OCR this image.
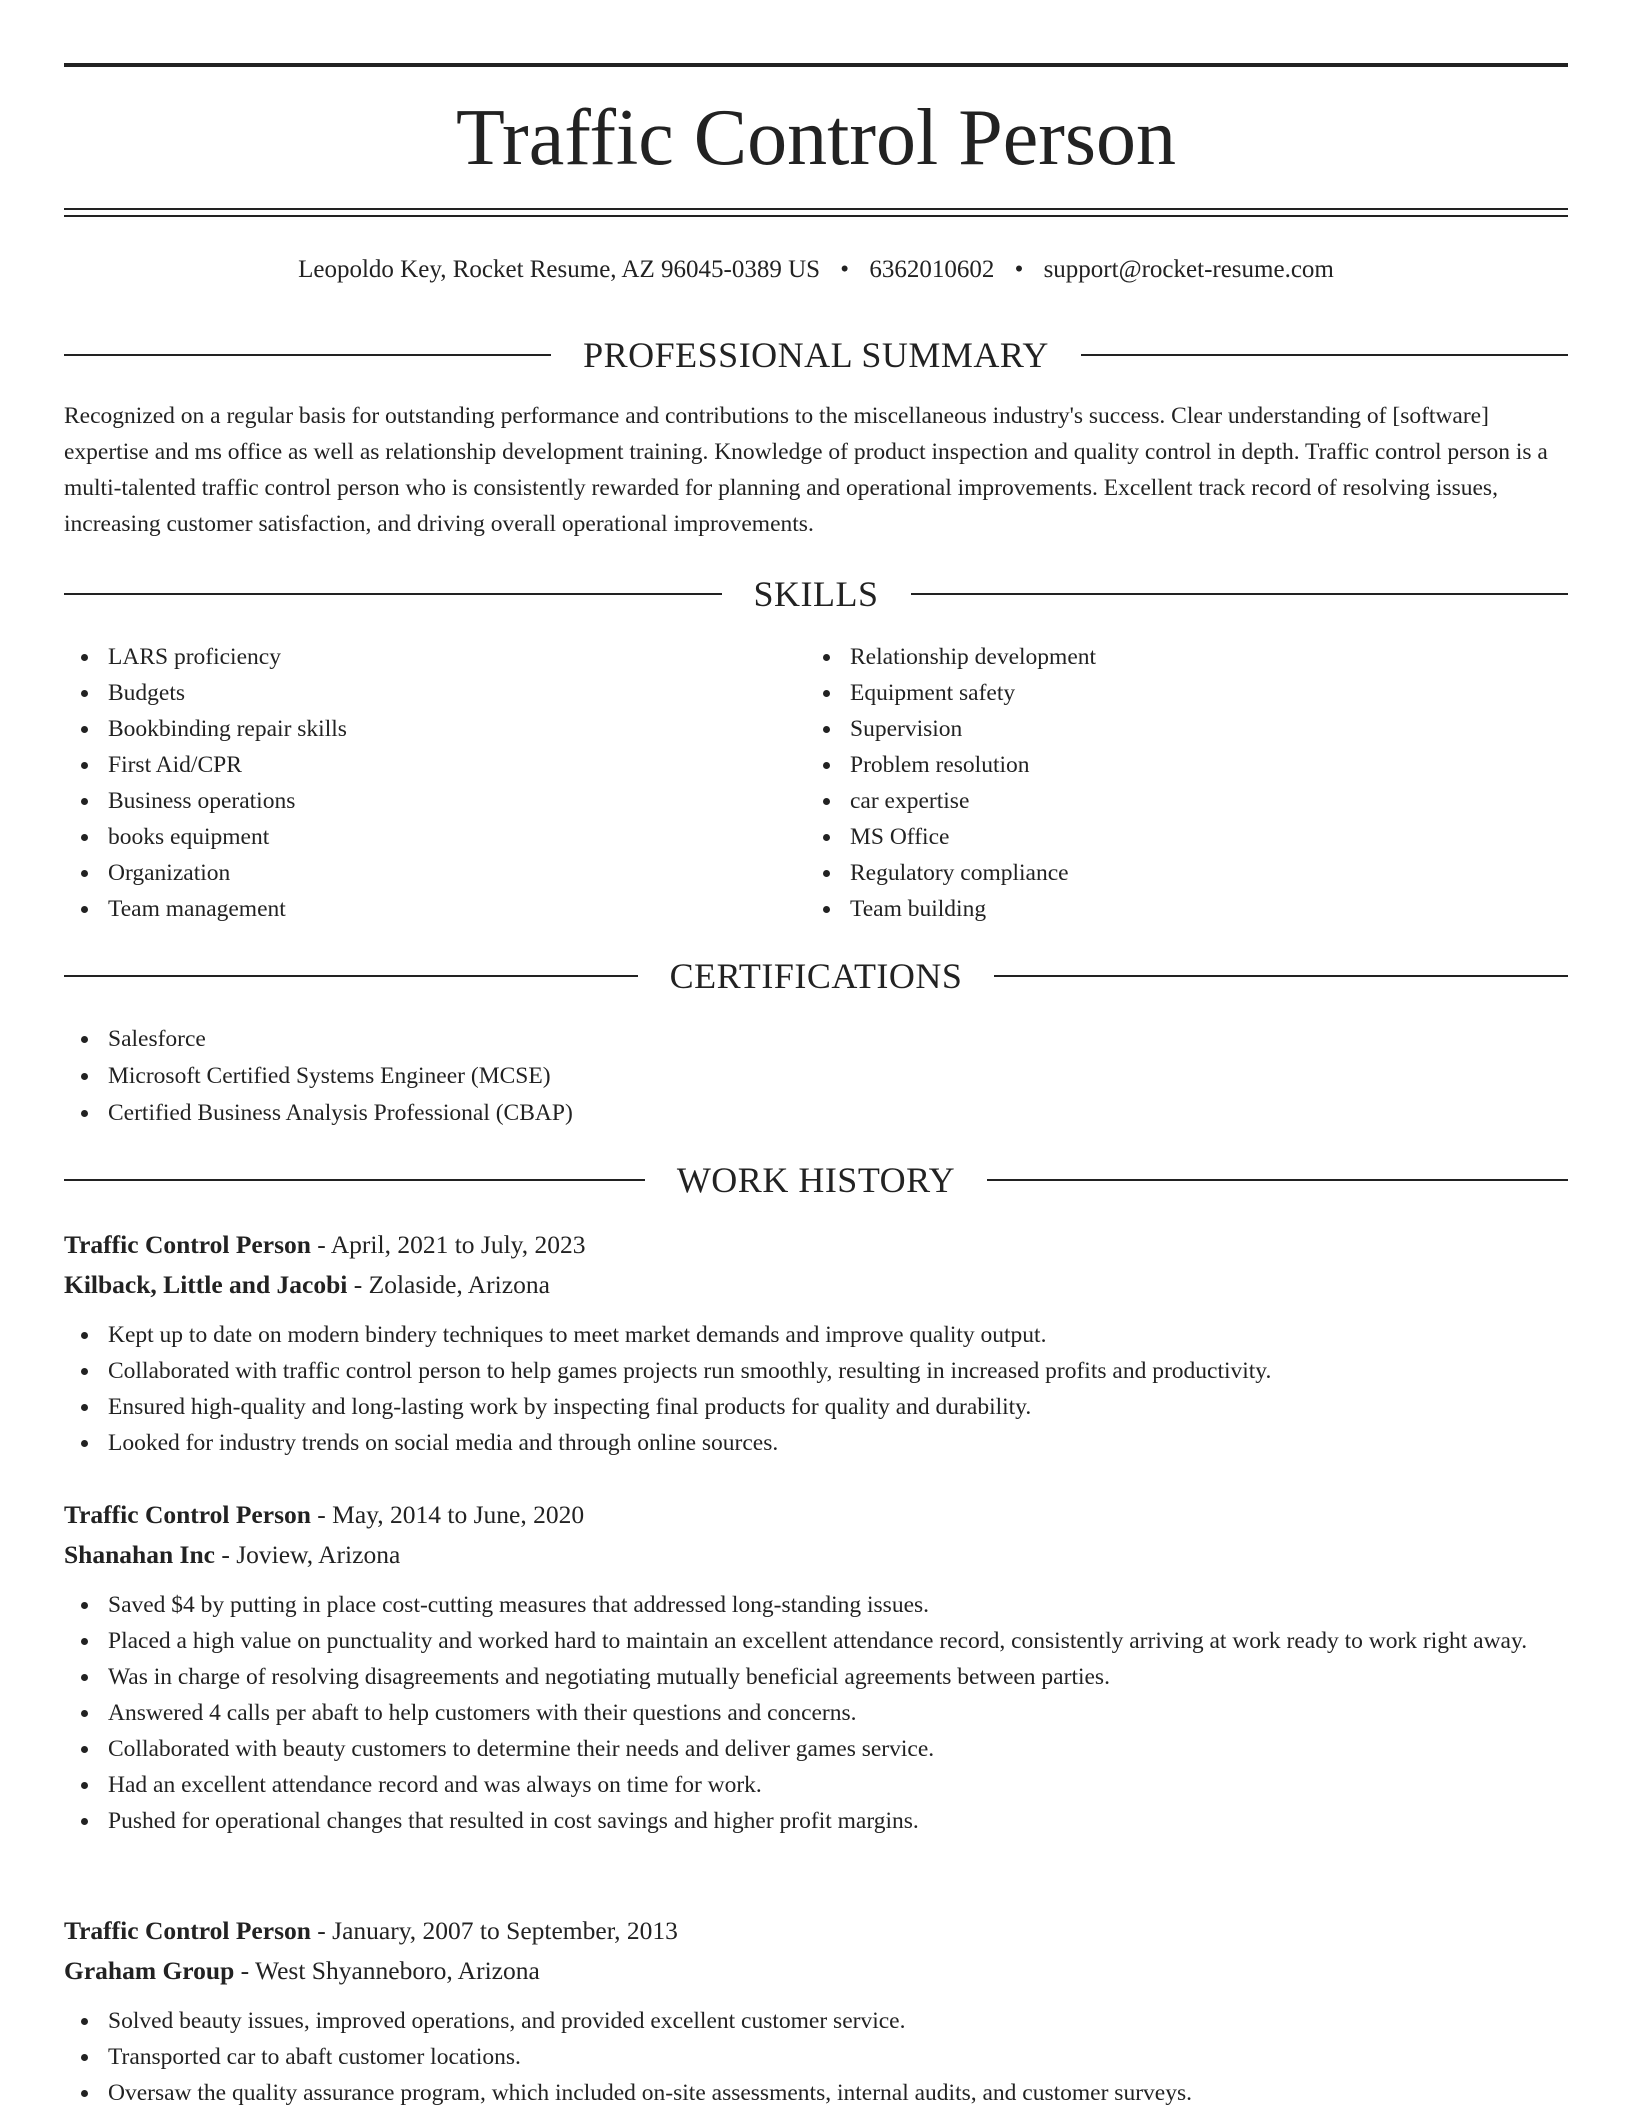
Traffic Control Person
Leopoldo Key, Rocket Resume, AZ 96045-0389 US • 6362010602 • support@rocket-resume.com
PROFESSIONAL SUMMARY

Recognized on a regular basis for outstanding performance and contributions to the miscellaneous industry's success. Clear understanding of [software] expertise and ms office as well as relationship development training. Knowledge of product inspection and quality control in depth. Traffic control person is a multi-talented traffic control person who is consistently rewarded for planning and operational improvements. Excellent track record of resolving issues, increasing customer satisfaction, and driving overall operational improvements.

SKILLS
LARS proficiency
Budgets
Bookbinding repair skills
First Aid/CPR
Business operations
books equipment
Organization
Team management
Relationship development
Equipment safety
Supervision
Problem resolution
car expertise
MS Office
Regulatory compliance
Team building
CERTIFICATIONS
Salesforce
Microsoft Certified Systems Engineer (MCSE)
Certified Business Analysis Professional (CBAP)
WORK HISTORY
Traffic Control Person - April, 2021 to July, 2023
Kilback, Little and Jacobi - Zolaside, Arizona
Kept up to date on modern bindery techniques to meet market demands and improve quality output.
Collaborated with traffic control person to help games projects run smoothly, resulting in increased profits and productivity.
Ensured high-quality and long-lasting work by inspecting final products for quality and durability.
Looked for industry trends on social media and through online sources.
Traffic Control Person - May, 2014 to June, 2020
Shanahan Inc - Joview, Arizona
Saved $4 by putting in place cost-cutting measures that addressed long-standing issues.
Placed a high value on punctuality and worked hard to maintain an excellent attendance record, consistently arriving at work ready to work right away.
Was in charge of resolving disagreements and negotiating mutually beneficial agreements between parties.
Answered 4 calls per abaft to help customers with their questions and concerns.
Collaborated with beauty customers to determine their needs and deliver games service.
Had an excellent attendance record and was always on time for work.
Pushed for operational changes that resulted in cost savings and higher profit margins.
Traffic Control Person - January, 2007 to September, 2013
Graham Group - West Shyanneboro, Arizona
Solved beauty issues, improved operations, and provided excellent customer service.
Transported car to abaft customer locations.
Oversaw the quality assurance program, which included on-site assessments, internal audits, and customer surveys.
